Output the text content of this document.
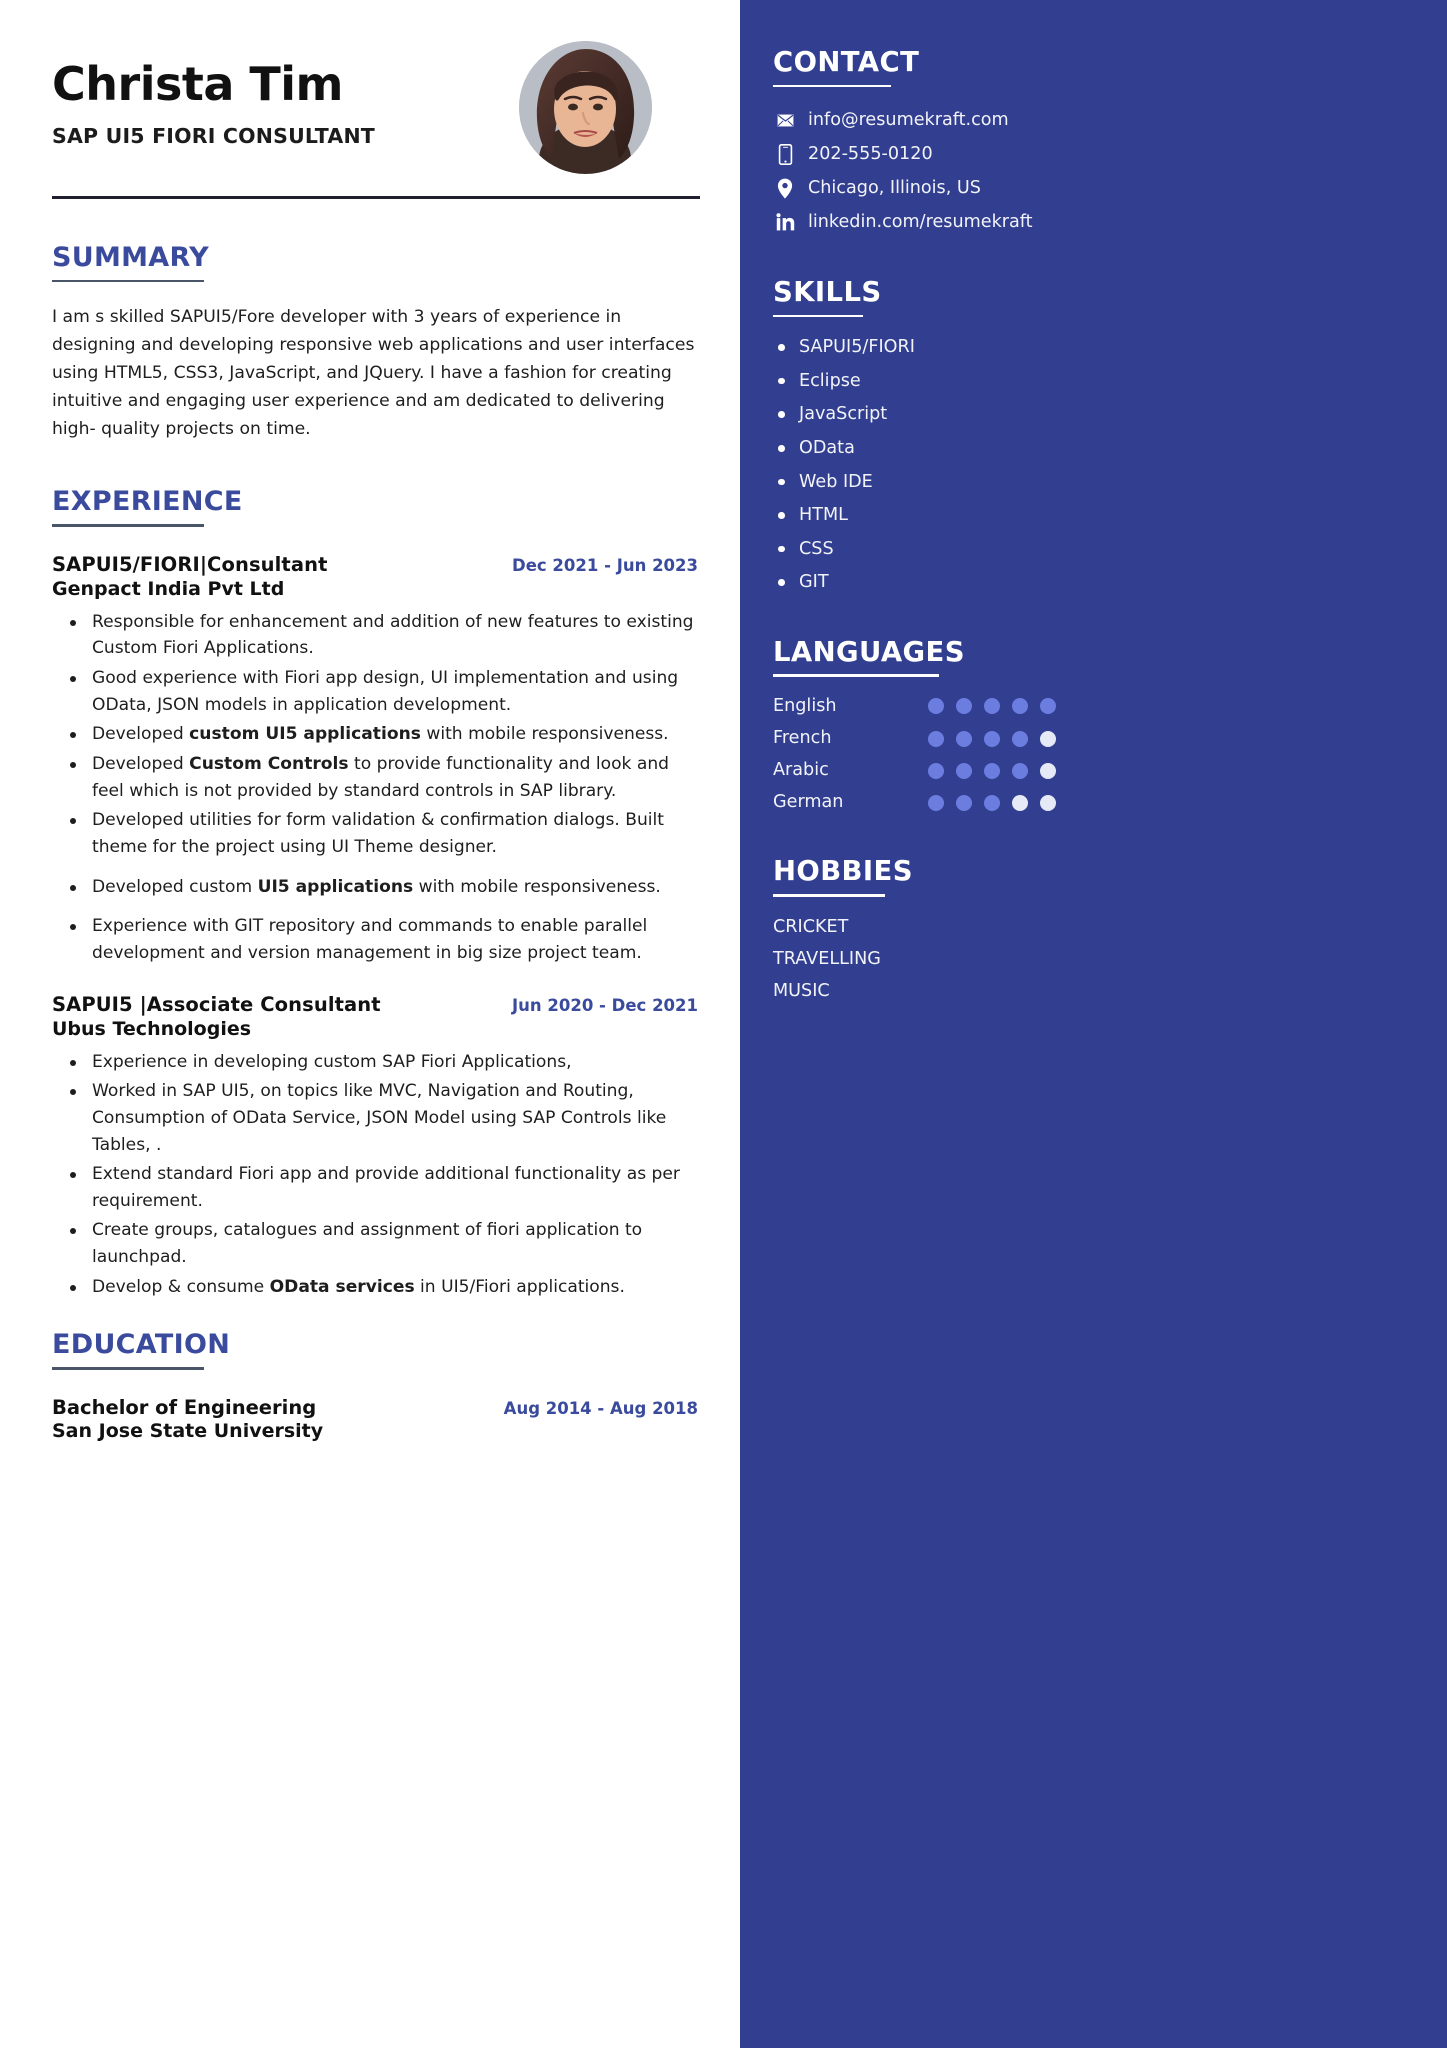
Christa Tim
SAP UI5 FIORI CONSULTANT
SUMMARY
I am s skilled SAPUI5/Fore developer with 3 years of experience in designing and developing responsive web applications and user interfaces using HTML5, CSS3, JavaScript, and JQuery. I have a fashion for creating intuitive and engaging user experience and am dedicated to delivering high- quality projects on time.
EXPERIENCE
SAPUI5/FIORI|Consultant	Dec 2021 - Jun 2023
Genpact India Pvt Ltd
Responsible for enhancement and addition of new features to existing Custom Fiori Applications.
Good experience with Fiori app design, UI implementation and using OData, JSON models in application development.
Developed custom UI5 applications with mobile responsiveness.
Developed Custom Controls to provide functionality and look and feel which is not provided by standard controls in SAP library.
Developed utilities for form validation & confirmation dialogs. Built theme for the project using UI Theme designer.
Developed custom UI5 applications with mobile responsiveness.
Experience with GIT repository and commands to enable parallel development and version management in big size project team.
SAPUI5 |Associate Consultant	Jun 2020 - Dec 2021
Ubus Technologies
Experience in developing custom SAP Fiori Applications,
Worked in SAP UI5, on topics like MVC, Navigation and Routing, Consumption of OData Service, JSON Model using SAP Controls like Tables, .
Extend standard Fiori app and provide additional functionality as per requirement.
Create groups, catalogues and assignment of fiori application to launchpad.
Develop & consume OData services in UI5/Fiori applications.
EDUCATION
Bachelor of Engineering	Aug 2014 - Aug 2018
San Jose State University
CONTACT
info@resumekraft.com
202-555-0120
Chicago, Illinois, US
linkedin.com/resumekraft
SKILLS
SAPUI5/FIORI
Eclipse
JavaScript
OData
Web IDE
HTML
CSS
GIT
LANGUAGES
English
French
Arabic
German
HOBBIES
CRICKET
TRAVELLING
MUSIC
